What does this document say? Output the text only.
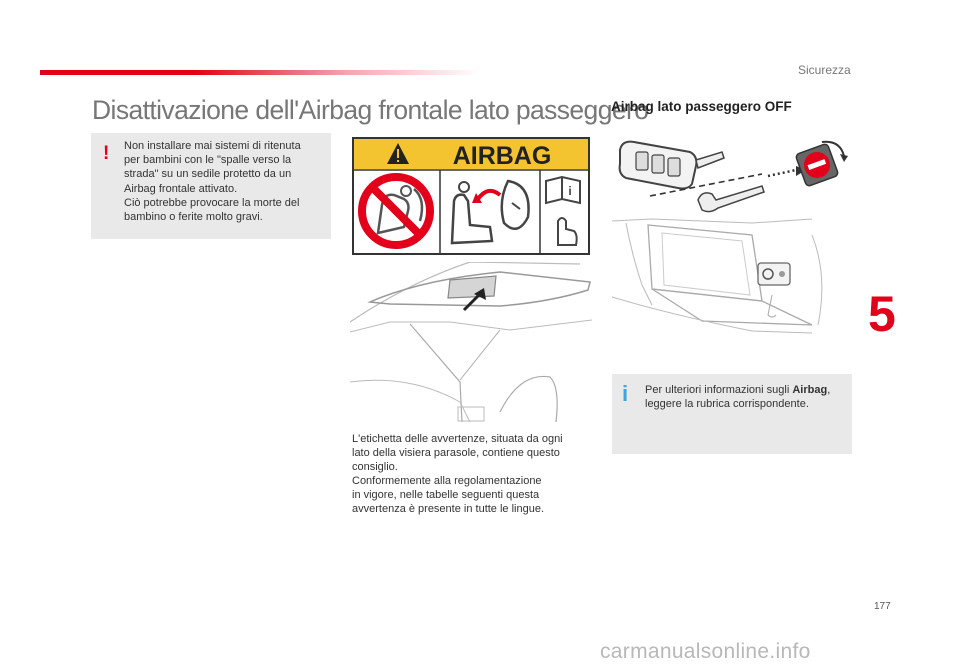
Sicurezza
Disattivazione dell'Airbag frontale lato passeggero
! Non installare mai sistemi di ritenuta
per bambini con le "spalle verso la
strada" su un sedile protetto da un
Airbag frontale attivato.
Ciò potrebbe provocare la morte del
bambino o ferite molto gravi.
AIRBAG
i
L'etichetta delle avvertenze, situata da ogni
lato della visiera parasole, contiene questo
consiglio.
Conformemente alla regolamentazione
in vigore, nelle tabelle seguenti questa
avvertenza è presente in tutte le lingue.
Airbag lato passeggero OFF
i Per ulteriori informazioni sugli Airbag,
leggere la rubrica corrispondente.
5
177
carmanualsonline.info
